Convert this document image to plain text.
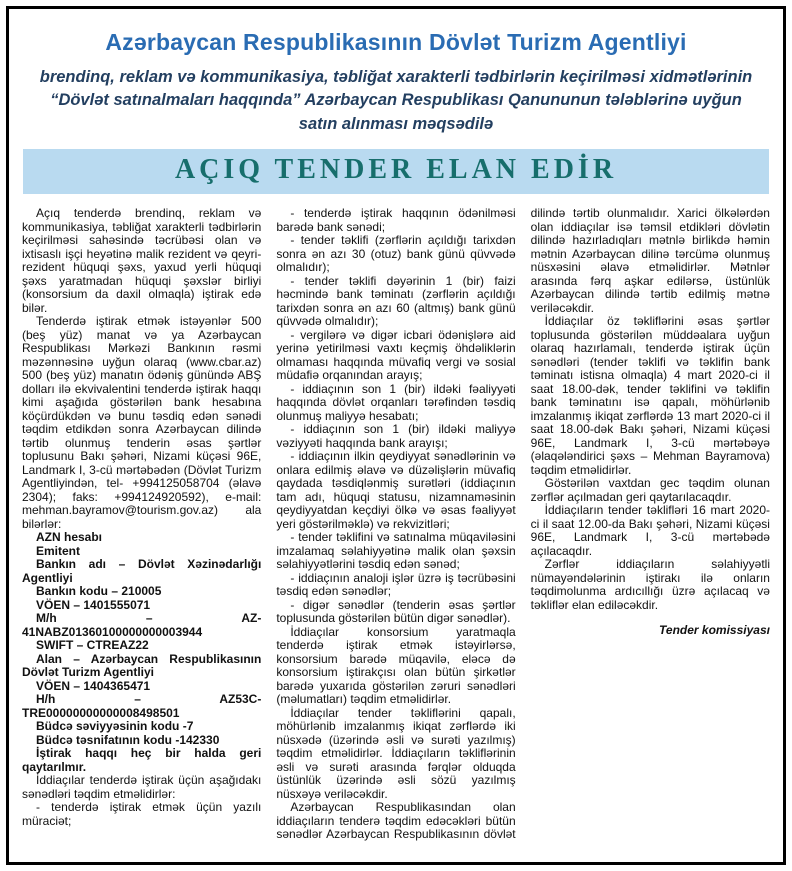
Azərbaycan Respublikasının Dövlət Turizm Agentliyi

brendinq, reklam və kommunikasiya, təbliğat xarakterli tədbirlərin keçirilməsi xidmətlərinin “Dövlət satınalmaları haqqında” Azərbaycan Respublikası Qanununun tələblərinə uyğun satın alınması məqsədilə

AÇIQ TENDER ELAN EDİR

Açıq tenderdə brendinq, reklam və kommunikasiya, təbliğat xarakterli tədbirlərin keçirilməsi sahəsində təcrübəsi olan və ixtisaslı işçi heyətinə malik rezident və qeyri-rezident hüquqi şəxs, yaxud yerli hüquqi şəxs yaratmadan hüquqi şəxslər birliyi (konsorsium da daxil olmaqla) iştirak edə bilər.

Tenderdə iştirak etmək istəyənlər 500 (beş yüz) manat və ya Azərbaycan Respublikası Mərkəzi Bankının rəsmi məzənnəsinə uyğun olaraq (www.cbar.az) 500 (beş yüz) manatın ödəniş günündə ABŞ dolları ilə ekvivalentini tenderdə iştirak haqqı kimi aşağıda göstərilən bank hesabına köçürdükdən və bunu təsdiq edən sənədi təqdim etdikdən sonra Azərbaycan dilində tərtib olunmuş tenderin əsas şərtlər toplusunu Bakı şəhəri, Nizami küçəsi 96E, Landmark I, 3-cü mərtəbədən (Dövlət Turizm Agentliyindən, tel- +994125058704 (əlavə 2304); faks: +994124920592), e-mail: mehman.bayramov@tourism.gov.az) ala bilərlər:

AZN hesabı

Emitent

Bankın adı – Dövlət Xəzinədarlığı Agentliyi

Bankın kodu – 210005

VÖEN – 1401555071

M/h – AZ-41NABZ01360100000000003944

SWIFT – CTREAZ22

Alan – Azərbaycan Respublikasının Dövlət Turizm Agentliyi

VÖEN – 1404365471

H/h – AZ53C-TRE00000000000008498501

Büdcə səviyyəsinin kodu -7

Büdcə təsnifatının kodu -142330

İştirak haqqı heç bir halda geri qaytarılmır.

İddiaçılar tenderdə iştirak üçün aşağıdakı sənədləri təqdim etməlidirlər:

- tenderdə iştirak etmək üçün yazılı müraciət;

- tenderdə iştirak haqqının ödənilməsi barədə bank sənədi;

- tender təklifi (zərflərin açıldığı tarixdən sonra ən azı 30 (otuz) bank günü qüvvədə olmalıdır);

- tender təklifi dəyərinin 1 (bir) faizi həcmində bank təminatı (zərflərin açıldığı tarixdən sonra ən azı 60 (altmış) bank günü qüvvədə olmalıdır);

- vergilərə və digər icbari ödənişlərə aid yerinə yetirilməsi vaxtı keçmiş öhdəliklərin olmaması haqqında müvafiq vergi və sosial müdafiə orqanından arayış;

- iddiaçının son 1 (bir) ildəki fəaliyyəti haqqında dövlət orqanları tərəfindən təsdiq olunmuş maliyyə hesabatı;

- iddiaçının son 1 (bir) ildəki maliyyə vəziyyəti haqqında bank arayışı;

- iddiaçının ilkin qeydiyyat sənədlərinin və onlara edilmiş əlavə və düzəlişlərin müvafiq qaydada təsdiqlənmiş surətləri (iddiaçının tam adı, hüquqi statusu, nizamnaməsinin qeydiyyatdan keçdiyi ölkə və əsas fəaliyyət yeri göstərilməklə) və rekvizitləri;

- tender təklifini və satınalma müqaviləsini imzalamaq səlahiyyətinə malik olan şəxsin səlahiyyətlərini təsdiq edən sənəd;

- iddiaçının analoji işlər üzrə iş təcrübəsini təsdiq edən sənədlər;

- digər sənədlər (tenderin əsas şərtlər toplusunda göstərilən bütün digər sənədlər).

İddiaçılar konsorsium yaratmaqla tenderdə iştirak etmək istəyirlərsə, konsorsium barədə müqavilə, eləcə də konsorsium iştirakçısı olan bütün şirkətlər barədə yuxarıda göstərilən zəruri sənədləri (məlumatları) təqdim etməlidirlər.

İddiaçılar tender təkliflərini qapalı, möhürlənib imzalanmış ikiqat zərflərdə iki nüsxədə (üzərində əsli və surəti yazılmış) təqdim etməlidirlər. İddiaçıların təkliflərinin əsli və surəti arasında fərqlər olduqda üstünlük üzərində əsli sözü yazılmış nüsxəyə veriləcəkdir.

Azərbaycan Respublikasından olan iddiaçıların tenderə təqdim edəcəkləri bütün sənədlər Azərbaycan Respublikasının dövlət dilində tərtib olunmalıdır. Xarici ölkələrdən olan iddiaçılar isə təmsil etdikləri dövlətin dilində hazırladıqları mətnlə birlikdə həmin mətnin Azərbaycan dilinə tərcümə olunmuş nüsxəsini əlavə etməlidirlər. Mətnlər arasında fərq aşkar edilərsə, üstünlük Azərbaycan dilində tərtib edilmiş mətnə veriləcəkdir.

İddiaçılar öz təkliflərini əsas şərtlər toplusunda göstərilən müddəalara uyğun olaraq hazırlamalı, tenderdə iştirak üçün sənədləri (tender təklifi və təklifin bank təminatı istisna olmaqla) 4 mart 2020-ci il saat 18.00-dək, tender təklifini və təklifin bank təminatını isə qapalı, möhürlənib imzalanmış ikiqat zərflərdə 13 mart 2020-ci il saat 18.00-dək Bakı şəhəri, Nizami küçəsi 96E, Landmark I, 3-cü mərtəbəyə (əlaqələndirici şəxs – Mehman Bayramova) təqdim etməlidirlər.

Göstərilən vaxtdan gec təqdim olunan zərflər açılmadan geri qaytarılacaqdır.

İddiaçıların tender təklifləri 16 mart 2020-ci il saat 12.00-da Bakı şəhəri, Nizami küçəsi 96E, Landmark I, 3-cü mərtəbədə açılacaqdır.

Zərflər iddiaçıların səlahiyyətli nümayəndələrinin iştirakı ilə onların təqdimolunma ardıcıllığı üzrə açılacaq və təkliflər elan ediləcəkdir.

Tender komissiyası
